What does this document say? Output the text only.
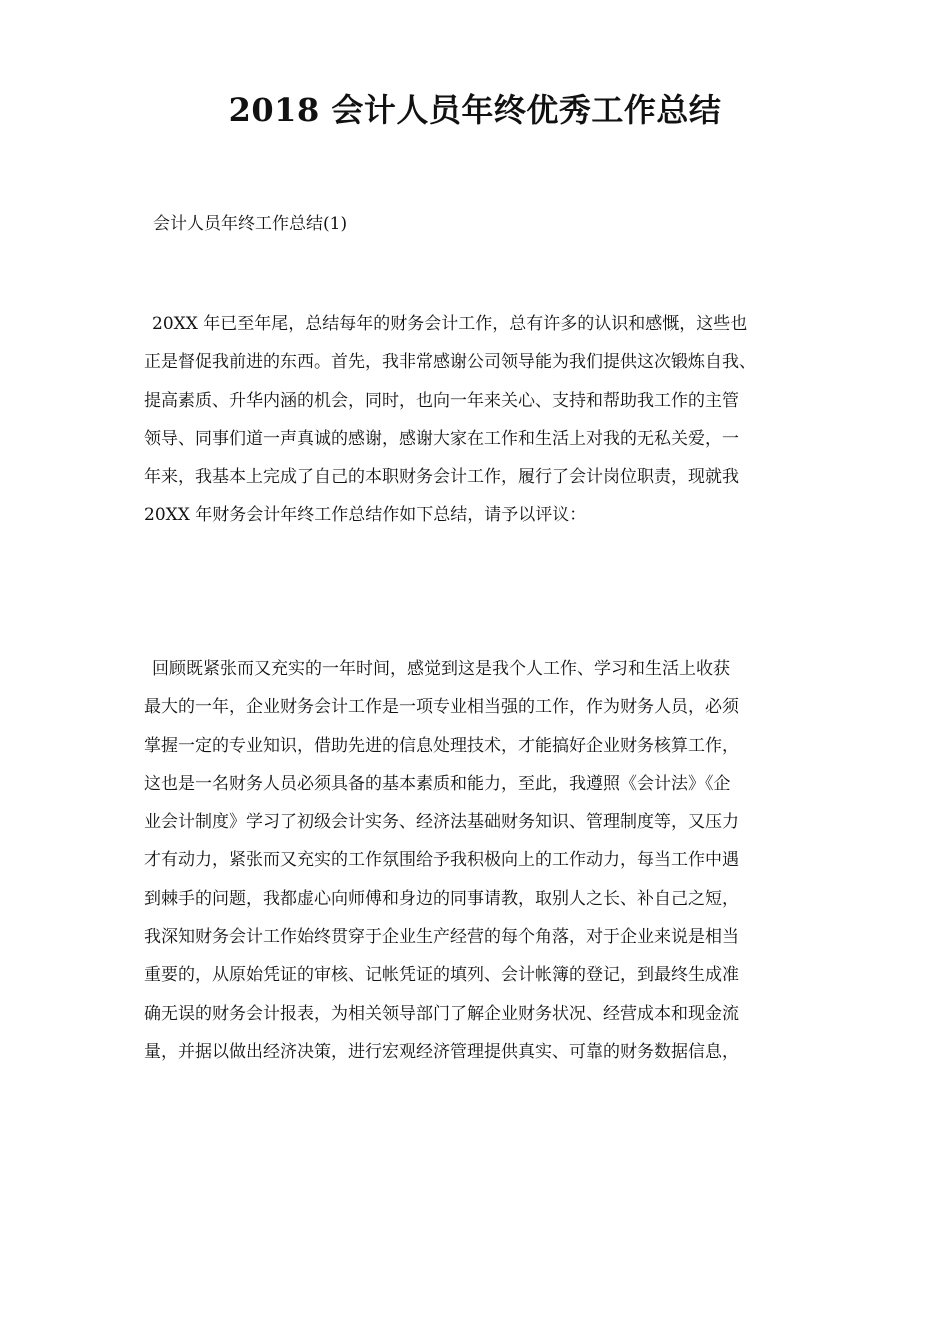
2018 会计人员年终优秀工作总结

会计人员年终工作总结(1)

20XX 年已至年尾，总结每年的财务会计工作，总有许多的认识和感慨，这些也
正是督促我前进的东西。首先，我非常感谢公司领导能为我们提供这次锻炼自我、
提高素质、升华内涵的机会，同时，也向一年来关心、支持和帮助我工作的主管
领导、同事们道一声真诚的感谢，感谢大家在工作和生活上对我的无私关爱，一
年来，我基本上完成了自己的本职财务会计工作，履行了会计岗位职责，现就我
20XX 年财务会计年终工作总结作如下总结，请予以评议：
回顾既紧张而又充实的一年时间，感觉到这是我个人工作、学习和生活上收获
最大的一年，企业财务会计工作是一项专业相当强的工作，作为财务人员，必须
掌握一定的专业知识，借助先进的信息处理技术，才能搞好企业财务核算工作，
这也是一名财务人员必须具备的基本素质和能力，至此，我遵照《会计法》《企
业会计制度》学习了初级会计实务、经济法基础财务知识、管理制度等，又压力
才有动力，紧张而又充实的工作氛围给予我积极向上的工作动力，每当工作中遇
到棘手的问题，我都虚心向师傅和身边的同事请教，取别人之长、补自己之短，
我深知财务会计工作始终贯穿于企业生产经营的每个角落，对于企业来说是相当
重要的，从原始凭证的审核、记帐凭证的填列、会计帐簿的登记，到最终生成准
确无误的财务会计报表，为相关领导部门了解企业财务状况、经营成本和现金流
量，并据以做出经济决策，进行宏观经济管理提供真实、可靠的财务数据信息，
